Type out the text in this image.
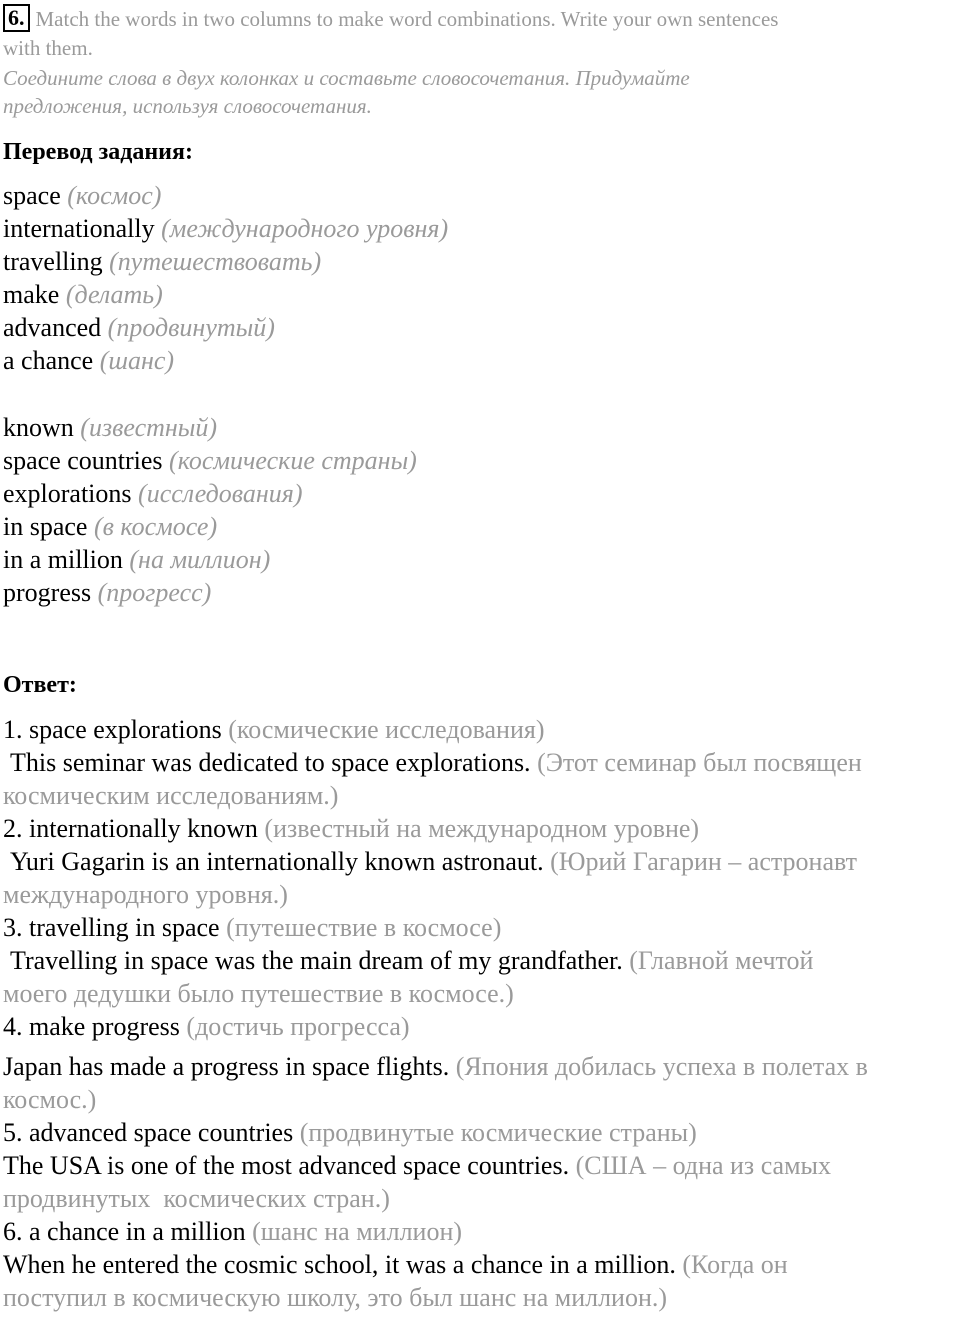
6. Match the words in two columns to make word combinations. Write your own sentences
with them.
Соедините слова в двух колонках и составьте словосочетания. Придумайте
предложения, используя словосочетания.
Перевод задания:
space (космос)
internationally (международного уровня)
travelling (путешествовать)
make (делать)
advanced (продвинутый)
a chance (шанс)
known (известный)
space countries (космические страны)
explorations (исследования)
in space (в космосе)
in a million (на миллион)
progress (прогресс)
Ответ:
1. space explorations (космические исследования)
This seminar was dedicated to space explorations. (Этот семинар был посвящен
космическим исследованиям.)
2. internationally known (известный на международном уровне)
Yuri Gagarin is an internationally known astronaut. (Юрий Гагарин – астронавт
международного уровня.)
3. travelling in space (путешествие в космосе)
Travelling in space was the main dream of my grandfather. (Главной мечтой
моего дедушки было путешествие в космосе.)
4. make progress (достичь прогресса)
Japan has made a progress in space flights. (Япония добилась успеха в полетах в
космос.)
5. advanced space countries (продвинутые космические страны)
The USA is one of the most advanced space countries. (США – одна из самых
продвинутых  космических стран.)
6. a chance in a million (шанс на миллион)
When he entered the cosmic school, it was a chance in a million. (Когда он
поступил в космическую школу, это был шанс на миллион.)
